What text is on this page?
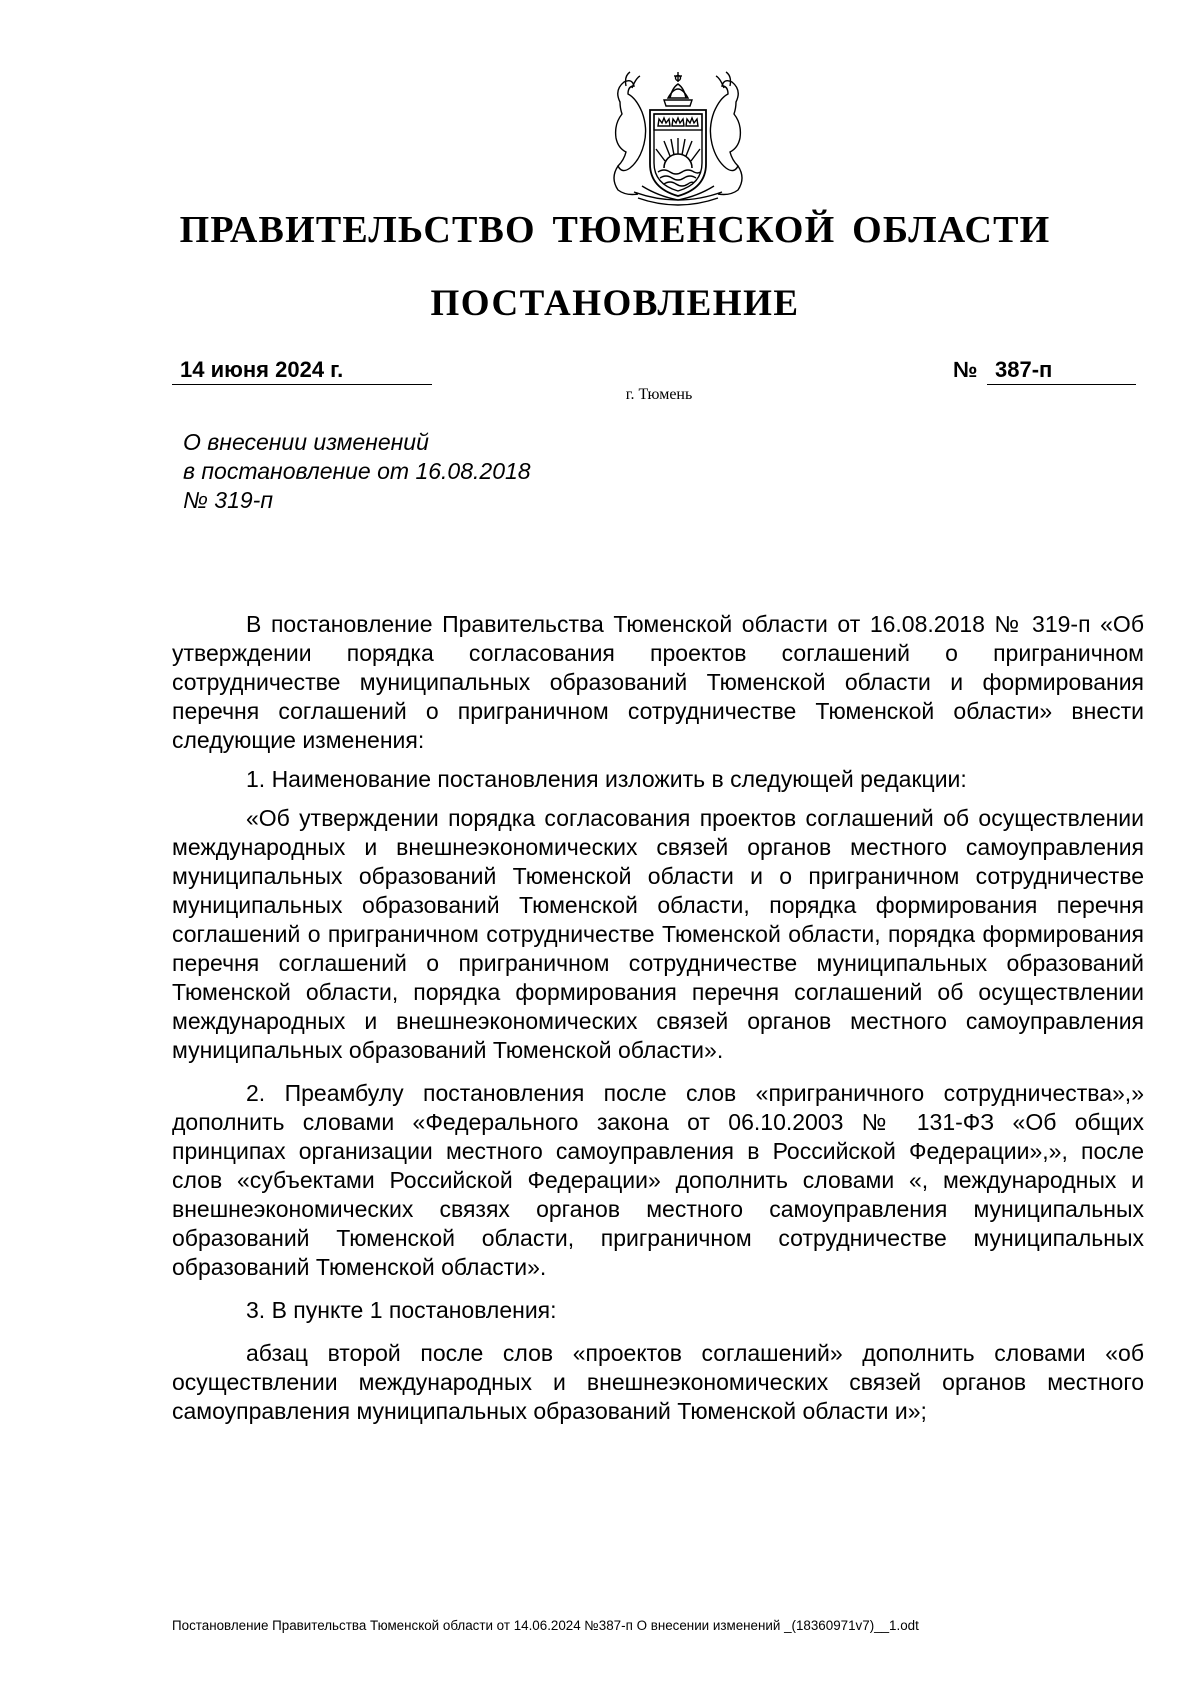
ПРАВИТЕЛЬСТВО ТЮМЕНСКОЙ ОБЛАСТИ
ПОСТАНОВЛЕНИЕ
14 июня 2024 г.	№ 387-п
г. Тюмень
О внесении изменений
в постановление от 16.08.2018
№ 319-п

В постановление Правительства Тюменской области от 16.08.2018 № 319-п «Об утверждении порядка согласования проектов соглашений о приграничном сотрудничестве муниципальных образований Тюменской области и формирования перечня соглашений о приграничном сотрудничестве Тюменской области» внести следующие изменения:

1. Наименование постановления изложить в следующей редакции:

«Об утверждении порядка согласования проектов соглашений об осуществлении международных и внешнеэкономических связей органов местного самоуправления муниципальных образований Тюменской области и о приграничном сотрудничестве муниципальных образований Тюменской области, порядка формирования перечня соглашений о приграничном сотрудничестве Тюменской области, порядка формирования перечня соглашений о приграничном сотрудничестве муниципальных образований Тюменской области, порядка формирования перечня соглашений об осуществлении международных и внешнеэкономических связей органов местного самоуправления муниципальных образований Тюменской области».

2. Преамбулу постановления после слов «приграничного сотрудничества»,» дополнить словами «Федерального закона от 06.10.2003 № 131-ФЗ «Об общих принципах организации местного самоуправления в Российской Федерации»,», после слов «субъектами Российской Федерации» дополнить словами «, международных и внешнеэкономических связях органов местного самоуправления муниципальных образований Тюменской области, приграничном сотрудничестве муниципальных образований Тюменской области».

3. В пункте 1 постановления:

абзац второй после слов «проектов соглашений» дополнить словами «об осуществлении международных и внешнеэкономических связей органов местного самоуправления муниципальных образований Тюменской области и»;

Постановление Правительства Тюменской области от 14.06.2024 №387-п О внесении изменений _(18360971v7)__1.odt
